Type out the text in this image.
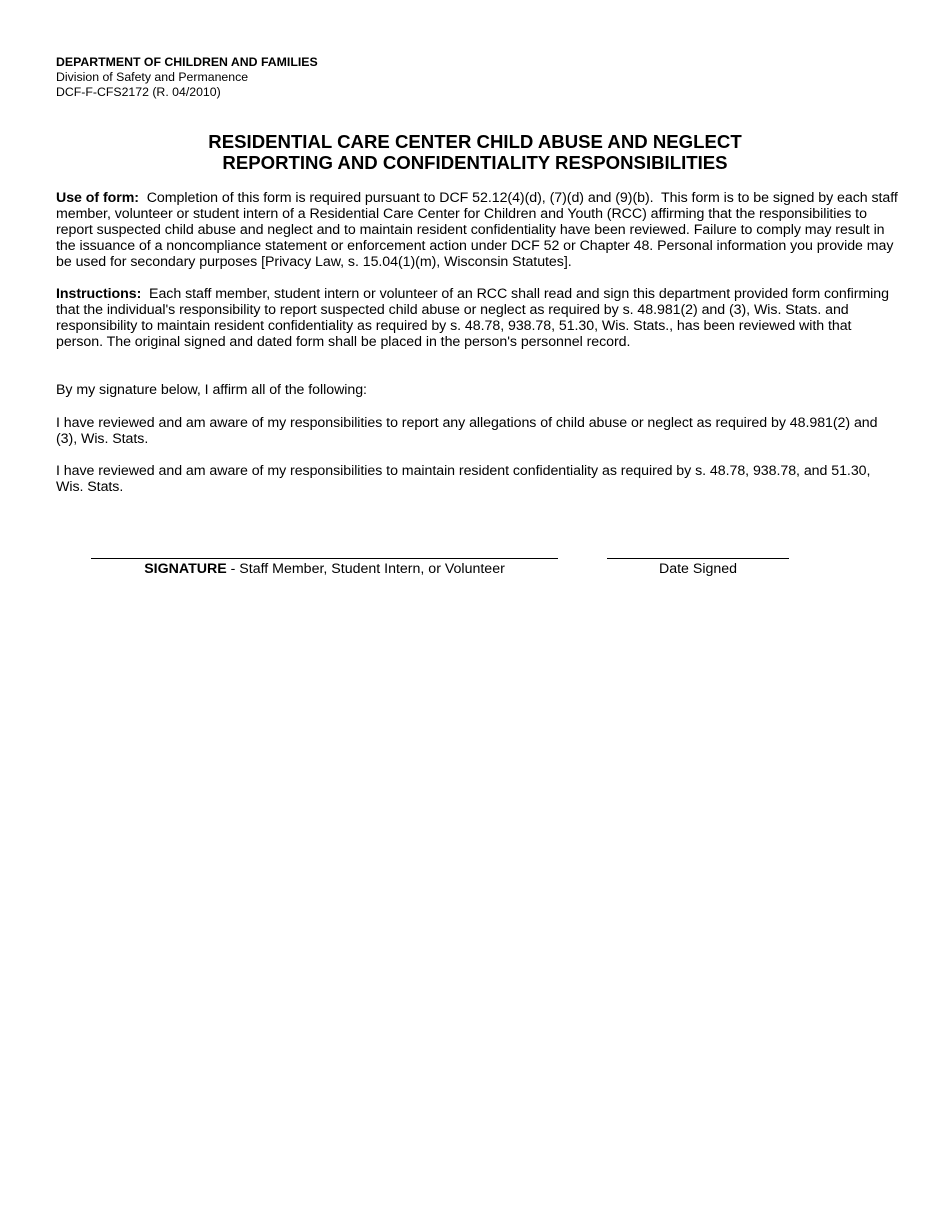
DEPARTMENT OF CHILDREN AND FAMILIES
Division of Safety and Permanence
DCF-F-CFS2172 (R. 04/2010)
RESIDENTIAL CARE CENTER CHILD ABUSE AND NEGLECT
REPORTING AND CONFIDENTIALITY RESPONSIBILITIES
Use of form:  Completion of this form is required pursuant to DCF 52.12(4)(d), (7)(d) and (9)(b).  This form is to be signed by each staff
member, volunteer or student intern of a Residential Care Center for Children and Youth (RCC) affirming that the responsibilities to
report suspected child abuse and neglect and to maintain resident confidentiality have been reviewed. Failure to comply may result in
the issuance of a noncompliance statement or enforcement action under DCF 52 or Chapter 48. Personal information you provide may
be used for secondary purposes [Privacy Law, s. 15.04(1)(m), Wisconsin Statutes].
Instructions:  Each staff member, student intern or volunteer of an RCC shall read and sign this department provided form confirming
that the individual's responsibility to report suspected child abuse or neglect as required by s. 48.981(2) and (3), Wis. Stats. and
responsibility to maintain resident confidentiality as required by s. 48.78, 938.78, 51.30, Wis. Stats., has been reviewed with that
person. The original signed and dated form shall be placed in the person's personnel record.
By my signature below, I affirm all of the following:
I have reviewed and am aware of my responsibilities to report any allegations of child abuse or neglect as required by 48.981(2) and
(3), Wis. Stats.
I have reviewed and am aware of my responsibilities to maintain resident confidentiality as required by s. 48.78, 938.78, and 51.30,
Wis. Stats.
SIGNATURE - Staff Member, Student Intern, or Volunteer	Date Signed
